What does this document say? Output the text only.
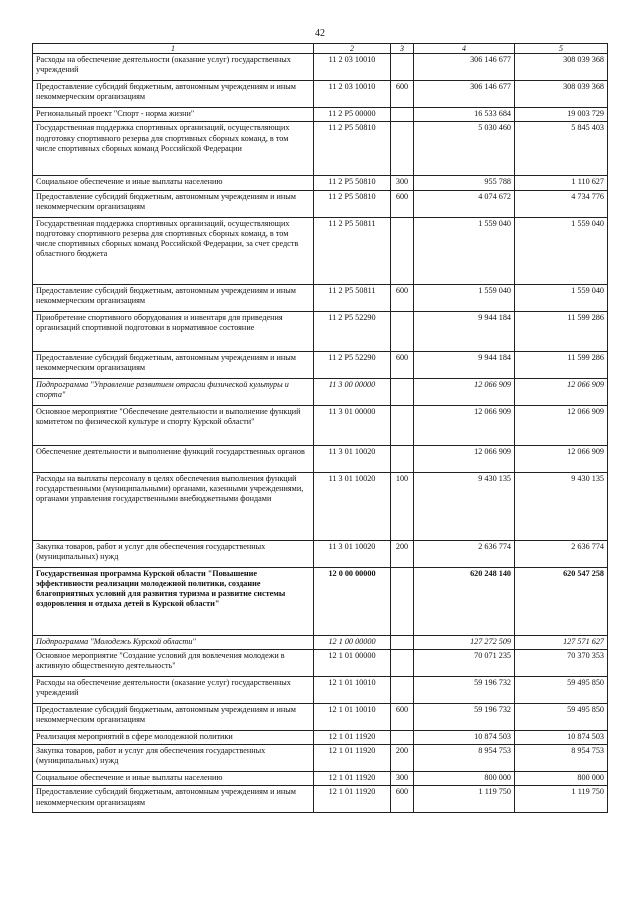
42
1	2	3	4	5
Расходы на обеспечение деятельности (оказание услуг) государственных учреждений	11 2 03 10010		306 146 677	308 039 368
Предоставление субсидий бюджетным, автономным учреждениям и иным некоммерческим организациям	11 2 03 10010	600	306 146 677	308 039 368
Региональный проект "Спорт - норма жизни"	11 2 P5 00000		16 533 684	19 003 729
Государственная поддержка спортивных организаций, осуществляющих подготовку спортивного резерва для спортивных сборных команд, в том числе спортивных сборных команд Российской Федерации	11 2 P5 50810		5 030 460	5 845 403
Социальное обеспечение и иные выплаты населению	11 2 P5 50810	300	955 788	1 110 627
Предоставление субсидий бюджетным, автономным учреждениям и иным некоммерческим организациям	11 2 P5 50810	600	4 074 672	4 734 776
Государственная поддержка спортивных организаций, осуществляющих подготовку спортивного резерва для спортивных сборных команд, в том числе спортивных сборных команд Российской Федерации, за счет средств областного бюджета	11 2 P5 50811		1 559 040	1 559 040
Предоставление субсидий бюджетным, автономным учреждениям и иным некоммерческим организациям	11 2 P5 50811	600	1 559 040	1 559 040
Приобретение спортивного оборудования и инвентаря для приведения организаций спортивной подготовки в нормативное состояние	11 2 P5 52290		9 944 184	11 599 286
Предоставление субсидий бюджетным, автономным учреждениям и иным некоммерческим организациям	11 2 P5 52290	600	9 944 184	11 599 286
Подпрограмма "Управление развитием отрасли физической культуры и спорта"	11 3 00 00000		12 066 909	12 066 909
Основное мероприятие "Обеспечение деятельности и выполнение функций комитетом по физической культуре и спорту Курской области"	11 3 01 00000		12 066 909	12 066 909
Обеспечение деятельности и выполнение функций государственных органов	11 3 01 10020		12 066 909	12 066 909
Расходы на выплаты персоналу в целях обеспечения выполнения функций государственными (муниципальными) органами, казенными учреждениями, органами управления государственными внебюджетными фондами	11 3 01 10020	100	9 430 135	9 430 135
Закупка товаров, работ и услуг для обеспечения государственных (муниципальных) нужд	11 3 01 10020	200	2 636 774	2 636 774
Государственная программа Курской области "Повышение эффективности реализации молодежной политики, создание благоприятных условий для развития туризма и развитие системы оздоровления и отдыха детей в Курской области"	12 0 00 00000		620 248 140	620 547 258
Подпрограмма "Молодежь Курской области"	12 1 00 00000		127 272 509	127 571 627
Основное мероприятие "Создание условий для вовлечения молодежи в активную общественную деятельность"	12 1 01 00000		70 071 235	70 370 353
Расходы на обеспечение деятельности (оказание услуг) государственных учреждений	12 1 01 10010		59 196 732	59 495 850
Предоставление субсидий бюджетным, автономным учреждениям и иным некоммерческим организациям	12 1 01 10010	600	59 196 732	59 495 850
Реализация мероприятий в сфере молодежной политики	12 1 01 11920		10 874 503	10 874 503
Закупка товаров, работ и услуг для обеспечения государственных (муниципальных) нужд	12 1 01 11920	200	8 954 753	8 954 753
Социальное обеспечение и иные выплаты населению	12 1 01 11920	300	800 000	800 000
Предоставление субсидий бюджетным, автономным учреждениям и иным некоммерческим организациям	12 1 01 11920	600	1 119 750	1 119 750
